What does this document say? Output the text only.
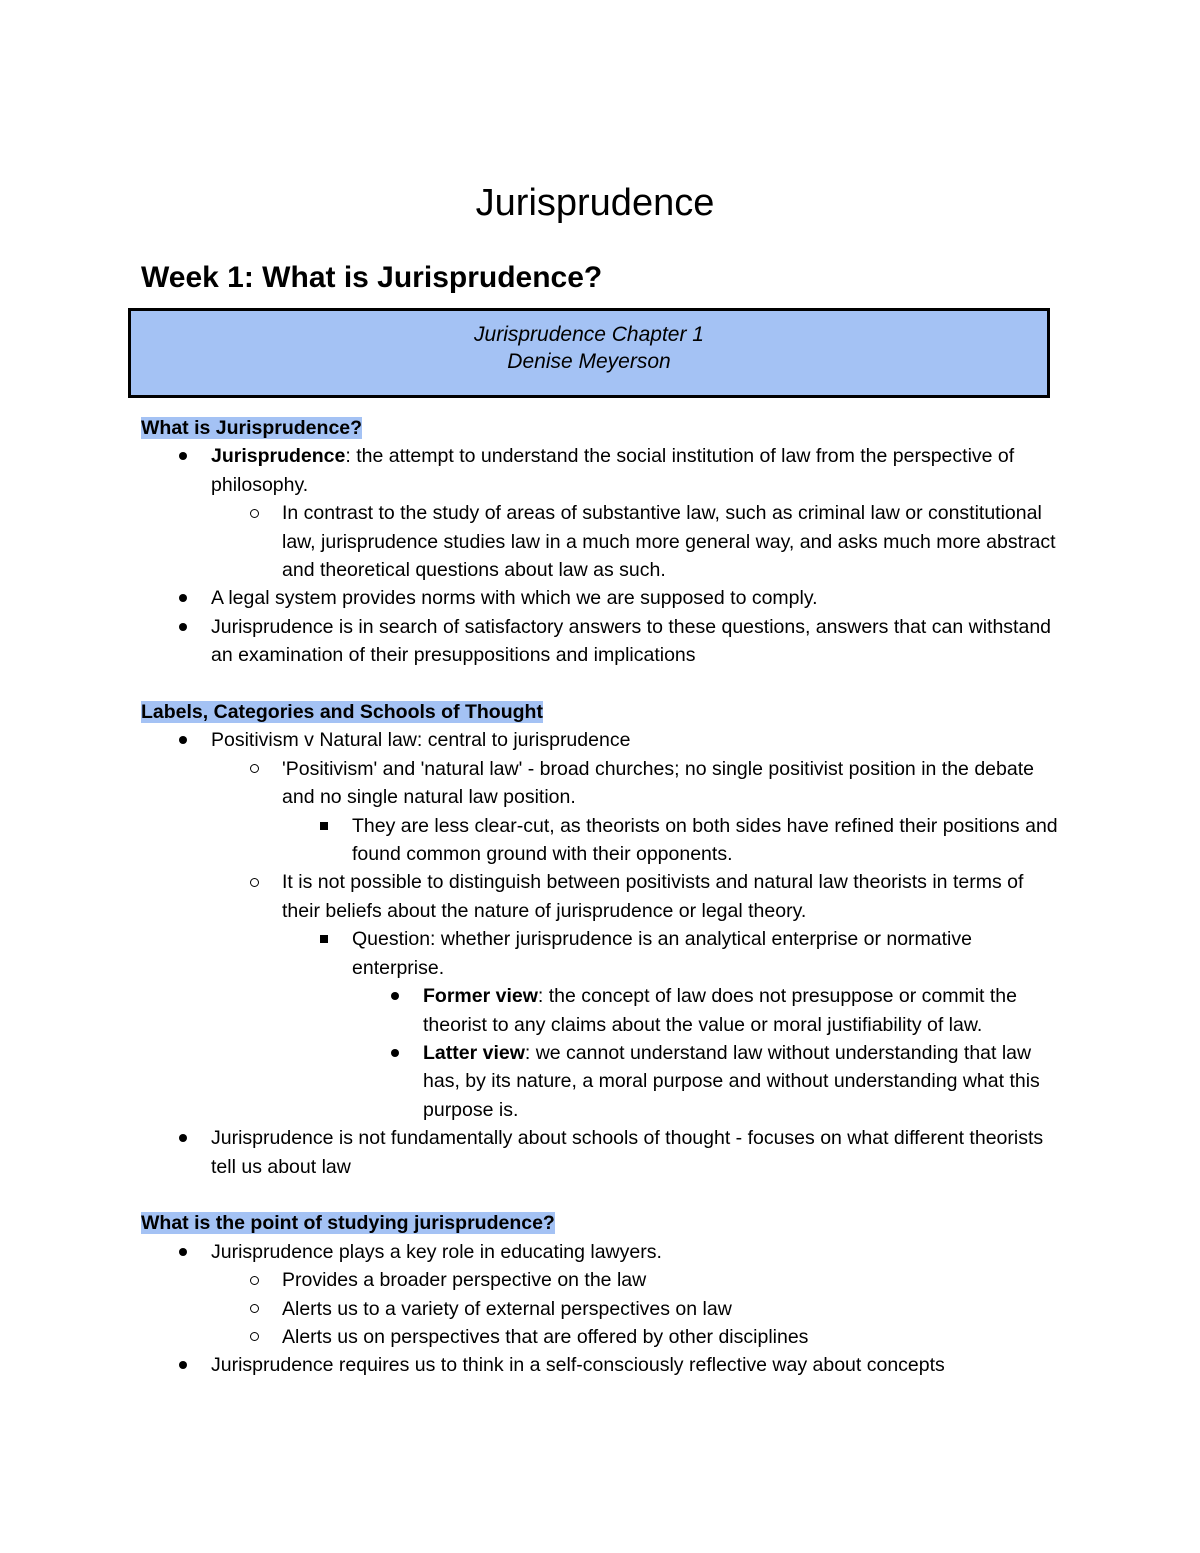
Jurisprudence
Week 1: What is Jurisprudence?
Jurisprudence Chapter 1
Denise Meyerson

What is Jurisprudence?

Jurisprudence: the attempt to understand the social institution of law from the perspective of philosophy.
In contrast to the study of areas of substantive law, such as criminal law or constitutional law, jurisprudence studies law in a much more general way, and asks much more abstract and theoretical questions about law as such.
A legal system provides norms with which we are supposed to comply.
Jurisprudence is in search of satisfactory answers to these questions, answers that can withstand an examination of their presuppositions and implications

Labels, Categories and Schools of Thought

Positivism v Natural law: central to jurisprudence
'Positivism' and 'natural law' - broad churches; no single positivist position in the debate and no single natural law position.
They are less clear-cut, as theorists on both sides have refined their positions and found common ground with their opponents.
It is not possible to distinguish between positivists and natural law theorists in terms of their beliefs about the nature of jurisprudence or legal theory.
Question: whether jurisprudence is an analytical enterprise or normative enterprise.
Former view: the concept of law does not presuppose or commit the theorist to any claims about the value or moral justifiability of law.
Latter view: we cannot understand law without understanding that law has, by its nature, a moral purpose and without understanding what this purpose is.
Jurisprudence is not fundamentally about schools of thought - focuses on what different theorists tell us about law

What is the point of studying jurisprudence?

Jurisprudence plays a key role in educating lawyers.
Provides a broader perspective on the law
Alerts us to a variety of external perspectives on law
Alerts us on perspectives that are offered by other disciplines
Jurisprudence requires us to think in a self-consciously reflective way about concepts
